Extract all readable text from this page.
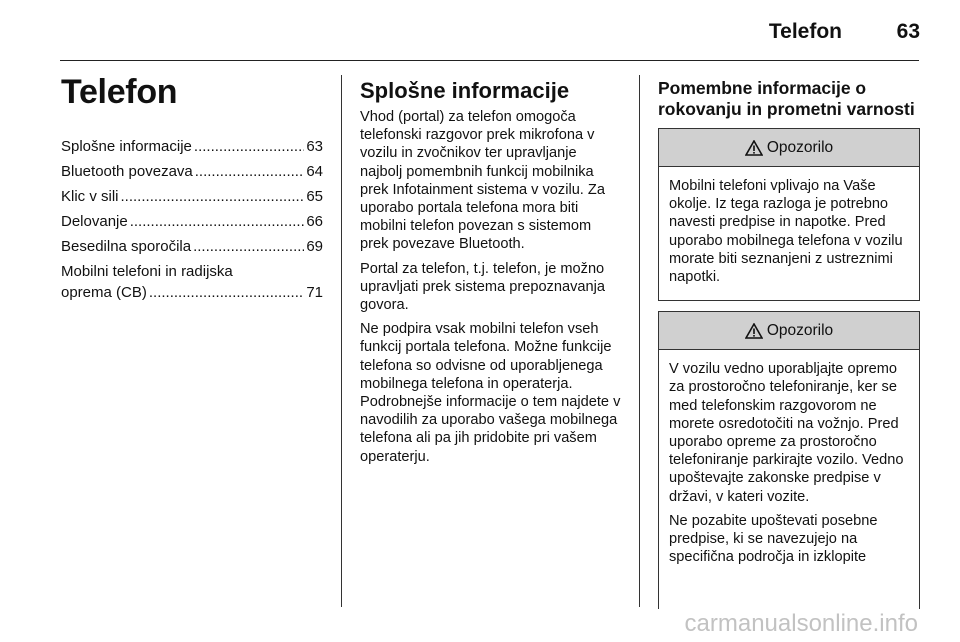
Telefon	63
Telefon
Splošne informacije .....	63
Bluetooth povezava .....	64
Klic v sili .....	65
Delovanje .....	66
Besedilna sporočila .....	69
Mobilni telefoni in radijska
oprema (CB) .....	71
Splošne informacije

Vhod (portal) za telefon omogoča telefonski razgovor prek mikrofona v vozilu in zvočnikov ter upravljanje najbolj pomembnih funkcij mobilnika prek Infotainment sistema v vozilu. Za uporabo portala telefona mora biti mobilni telefon povezan s sistemom prek povezave Bluetooth.

Portal za telefon, t.j. telefon, je možno upravljati prek sistema prepoznavanja govora.

Ne podpira vsak mobilni telefon vseh funkcij portala telefona. Možne funkcije telefona so odvisne od uporabljenega mobilnega telefona in operaterja. Podrobnejše informacije o tem najdete v navodilih za uporabo vašega mobilnega telefona ali pa jih pridobite pri vašem operaterju.

Pomembne informacije o rokovanju in prometni varnosti
Opozorilo

Mobilni telefoni vplivajo na Vaše okolje. Iz tega razloga je potrebno navesti predpise in napotke. Pred uporabo mobilnega telefona v vozilu morate biti seznanjeni z ustreznimi napotki.

Opozorilo

V vozilu vedno uporabljajte opremo za prostoročno telefoniranje, ker se med telefonskim razgovorom ne morete osredotočiti na vožnjo. Pred uporabo opreme za prostoročno telefoniranje parkirajte vozilo. Vedno upoštevajte zakonske predpise v državi, v kateri vozite.

Ne pozabite upoštevati posebne predpise, ki se navezujejo na specifična področja in izklopite

carmanualsonline.info
